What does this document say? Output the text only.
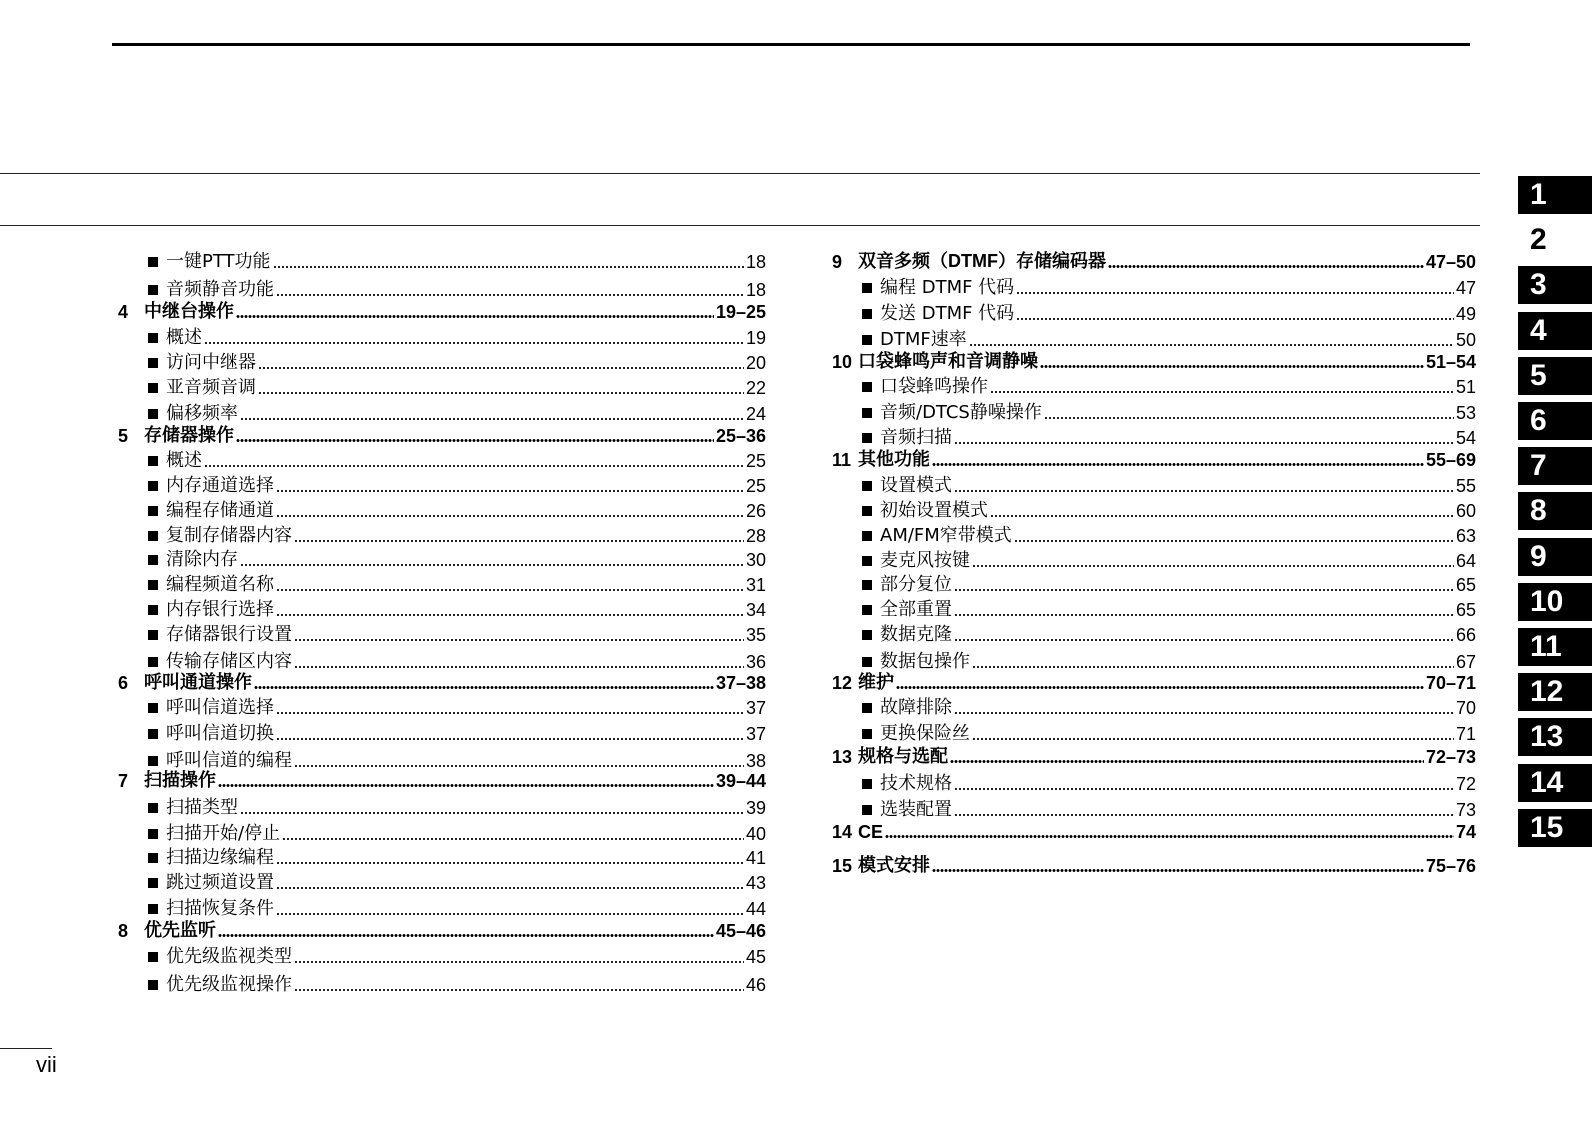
一键PTT功能	18
音频静音功能	18
4 中继台操作	19–25
概述	19
访问中继器	20
亚音频音调	22
偏移频率	24
5 存储器操作	25–36
概述	25
内存通道选择	25
编程存储通道	26
复制存储器内容	28
清除内存	30
编程频道名称	31
内存银行选择	34
存储器银行设置	35
传输存储区内容	36
6 呼叫通道操作	37–38
呼叫信道选择	37
呼叫信道切换	37
呼叫信道的编程	38
7 扫描操作	39–44
扫描类型	39
扫描开始/停止	40
扫描边缘编程	41
跳过频道设置	43
扫描恢复条件	44
8 优先监听	45–46
优先级监视类型	45
优先级监视操作	46
9 双音多频（DTMF）存储编码器	47–50
编程 DTMF 代码	47
发送 DTMF 代码	49
DTMF速率	50
10 口袋蜂鸣声和音调静噪	51–54
口袋蜂鸣操作	51
音频/DTCS静噪操作	53
音频扫描	54
11 其他功能	55–69
设置模式	55
初始设置模式	60
AM/FM窄带模式	63
麦克风按键	64
部分复位	65
全部重置	65
数据克隆	66
数据包操作	67
12 维护	70–71
故障排除	70
更换保险丝	71
13 规格与选配	72–73
技术规格	72
选装配置	73
14 CE	74
15 模式安排	75–76
1
2
3
4
5
6
7
8
9
10
11
12
13
14
15
vii
